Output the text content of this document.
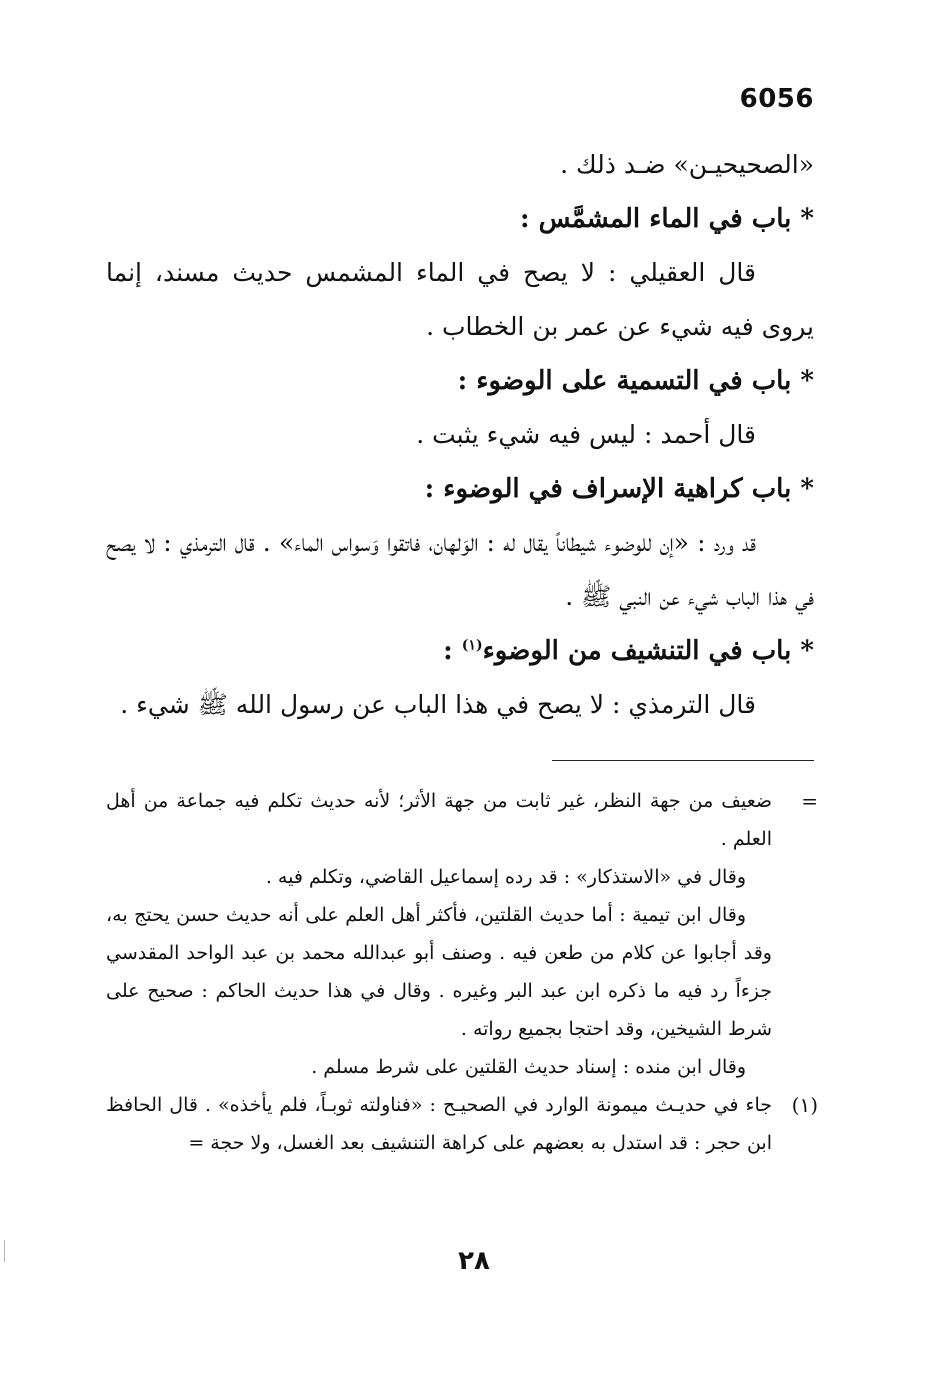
6056

«الصحيحيـن» ضـد ذلك .

* باب في الماء المشمَّس :

قال العقيلي : لا يصح في الماء المشمس حديث مسند، إنما يروى فيه شيء عن عمر بن الخطاب .

* باب في التسمية على الوضوء :

قال أحمد : ليس فيه شيء يثبت .

* باب كراهية الإسراف في الوضوء :

قد ورد : «إن للوضوء شيطاناً يقال له : الوَلهان، فاتقوا وَسواس الماء» . قال الترمذي : لا يصح في هذا الباب شيء عن النبي ﷺ .

* باب في التنشيف من الوضوء$^{(١)}$ :

قال الترمذي : لا يصح في هذا الباب عن رسول الله ﷺ شيء .

=

ضعيف من جهة النظر، غير ثابت من جهة الأثر؛ لأنه حديث تكلم فيه جماعة من أهل العلم .

وقال في «الاستذكار» : قد رده إسماعيل القاضي، وتكلم فيه .

وقال ابن تيمية : أما حديث القلتين، فأكثر أهل العلم على أنه حديث حسن يحتج به، وقد أجابوا عن كلام من طعن فيه . وصنف أبو عبدالله محمد بن عبد الواحد المقدسي جزءاً رد فيه ما ذكره ابن عبد البر وغيره . وقال في هذا حديث الحاكم : صحيح على شرط الشيخين، وقد احتجا بجميع رواته .

وقال ابن منده : إسناد حديث القلتين على شرط مسلم .

(١)

جاء في حديـث ميمونة الوارد في الصحيـح : «فناولته ثوبـاً، فلم يأخذه» . قال الحافظ ابن حجر : قد استدل به بعضهم على كراهة التنشيف بعد الغسل، ولا حجة =

٢٨
